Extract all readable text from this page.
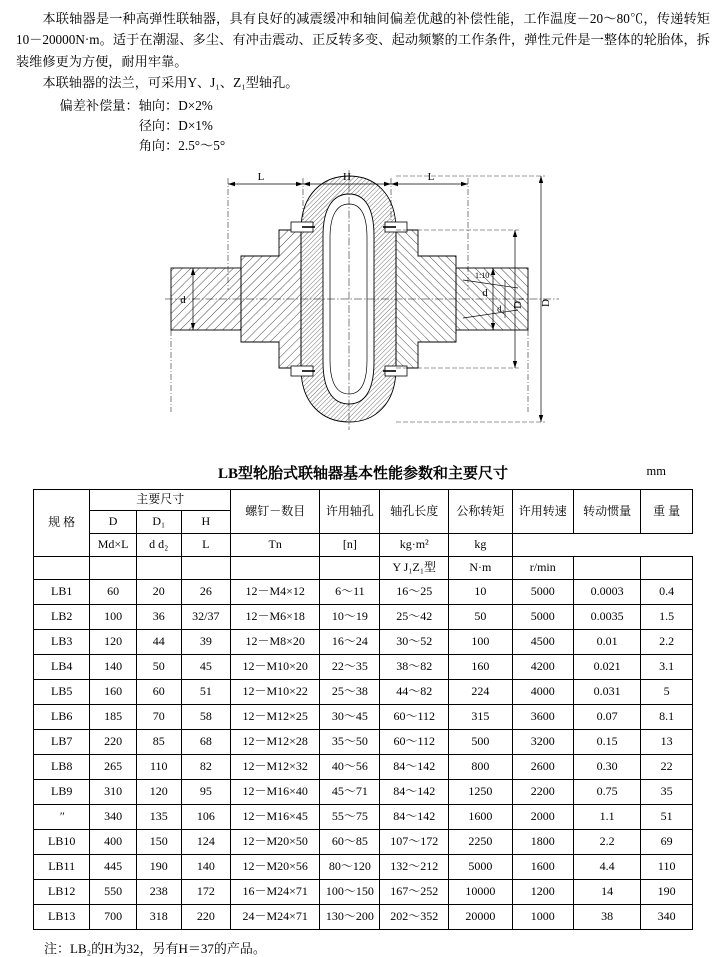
本联轴器是一种高弹性联轴器，具有良好的减震缓冲和轴间偏差优越的补偿性能，工作温度－20～80℃，传递转矩10－20000N·m。适于在潮湿、多尘、有冲击震动、正反转多变、起动频繁的工作条件，弹性元件是一整体的轮胎体，拆装维修更为方便，耐用牢靠。

本联轴器的法兰，可采用Y、J₁、Z₁型轴孔。

偏差补偿量：轴向：D×2%
径向：D×1%
角向：2.5°～5°
L	H	L
d
d
D₁ D
d₁
1:10
LB型轮胎式联轴器基本性能参数和主要尺寸	mm
规 格	主要尺寸			螺钉－数目	许用轴孔	轴孔长度	公称转矩	许用转速	转动惯量	重 量
	D	D₁	H							
	Md×L	d d₂	L	Tn	[n]	kg·m²	kg			
						Y J₁Z₁型	N·m	r/min		
LB1	60	20	26	12－M4×12	6～11	16～25	10	5000	0.0003	0.4
LB2	100	36	32/37	12－M6×18	10～19	25～42	50	5000	0.0035	1.5
LB3	120	44	39	12－M8×20	16～24	30～52	100	4500	0.01	2.2
LB4	140	50	45	12－M10×20	22～35	38～82	160	4200	0.021	3.1
LB5	160	60	51	12－M10×22	25～38	44～82	224	4000	0.031	5
LB6	185	70	58	12－M12×25	30～45	60～112	315	3600	0.07	8.1
LB7	220	85	68	12－M12×28	35～50	60～112	500	3200	0.15	13
LB8	265	110	82	12－M12×32	40～56	84～142	800	2600	0.30	22
LB9	310	120	95	12－M16×40	45～71	84～142	1250	2200	0.75	35
″	340	135	106	12－M16×45	55～75	84～142	1600	2000	1.1	51
LB10	400	150	124	12－M20×50	60～85	107～172	2250	1800	2.2	69
LB11	445	190	140	12－M20×56	80～120	132～212	5000	1600	4.4	110
LB12	550	238	172	16－M24×71	100～150	167～252	10000	1200	14	190
LB13	700	318	220	24－M24×71	130～200	202～352	20000	1000	38	340
注：LB₂的H为32，另有H＝37的产品。
